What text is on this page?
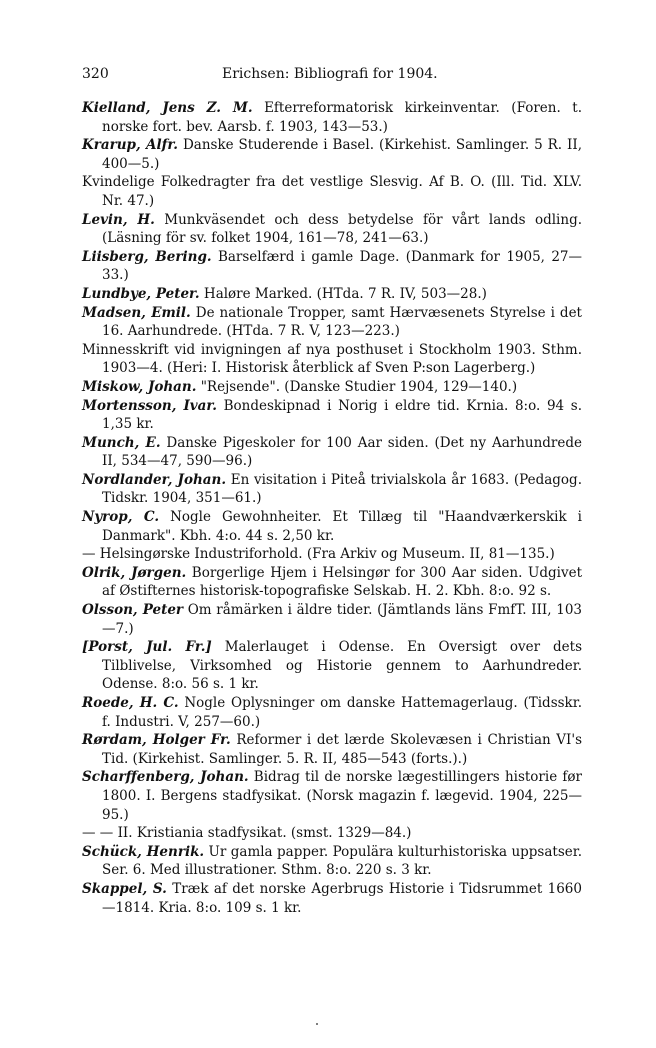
320	Erichsen: Bibliografi for 1904.

Kielland, Jens Z. M. Efterreformatorisk kirkeinventar. (Foren. t. norske fort. bev. Aarsb. f. 1903, 143—53.)

Krarup, Alfr. Danske Studerende i Basel. (Kirkehist. Samlinger. 5 R. II, 400—5.)

Kvindelige Folkedragter fra det vestlige Slesvig. Af B. O. (Ill. Tid. XLV. Nr. 47.)

Levin, H. Munkväsendet och dess betydelse för vårt lands odling. (Läsning för sv. folket 1904, 161—78, 241—63.)

Liisberg, Bering. Barselfærd i gamle Dage. (Danmark for 1905, 27—33.)

Lundbye, Peter. Haløre Marked. (HTda. 7 R. IV, 503—28.)

Madsen, Emil. De nationale Tropper, samt Hærvæsenets Styrelse i det 16. Aarhundrede. (HTda. 7 R. V, 123—223.)

Minnesskrift vid invigningen af nya posthuset i Stockholm 1903. Sthm. 1903—4. (Heri: I. Historisk återblick af Sven P:son Lagerberg.)

Miskow, Johan. "Rejsende". (Danske Studier 1904, 129—140.)

Mortensson, Ivar. Bondeskipnad i Norig i eldre tid. Krnia. 8:o. 94 s. 1,35 kr.

Munch, E. Danske Pigeskoler for 100 Aar siden. (Det ny Aarhundrede II, 534—47, 590—96.)

Nordlander, Johan. En visitation i Piteå trivialskola år 1683. (Pedagog. Tidskr. 1904, 351—61.)

Nyrop, C. Nogle Gewohnheiter. Et Tillæg til "Haandværkerskik i Danmark". Kbh. 4:o. 44 s. 2,50 kr.

— Helsingørske Industriforhold. (Fra Arkiv og Museum. II, 81—135.)

Olrik, Jørgen. Borgerlige Hjem i Helsingør for 300 Aar siden. Udgivet af Østifternes historisk-topografiske Selskab. H. 2. Kbh. 8:o. 92 s.

Olsson, Peter Om råmärken i äldre tider. (Jämtlands läns FmfT. III, 103—7.)

[Porst, Jul. Fr.] Malerlauget i Odense. En Oversigt over dets Tilblivelse, Virksomhed og Historie gennem to Aarhundreder. Odense. 8:o. 56 s. 1 kr.

Roede, H. C. Nogle Oplysninger om danske Hattemagerlaug. (Tidsskr. f. Industri. V, 257—60.)

Rørdam, Holger Fr. Reformer i det lærde Skolevæsen i Christian VI's Tid. (Kirkehist. Samlinger. 5. R. II, 485—543 (forts.).)

Scharffenberg, Johan. Bidrag til de norske lægestillingers historie før 1800. I. Bergens stadfysikat. (Norsk magazin f. lægevid. 1904, 225—95.)

— — II. Kristiania stadfysikat. (smst. 1329—84.)

Schück, Henrik. Ur gamla papper. Populära kulturhistoriska uppsatser. Ser. 6. Med illustrationer. Sthm. 8:o. 220 s. 3 kr.

Skappel, S. Træk af det norske Agerbrugs Historie i Tidsrummet 1660—1814. Kria. 8:o. 109 s. 1 kr.
